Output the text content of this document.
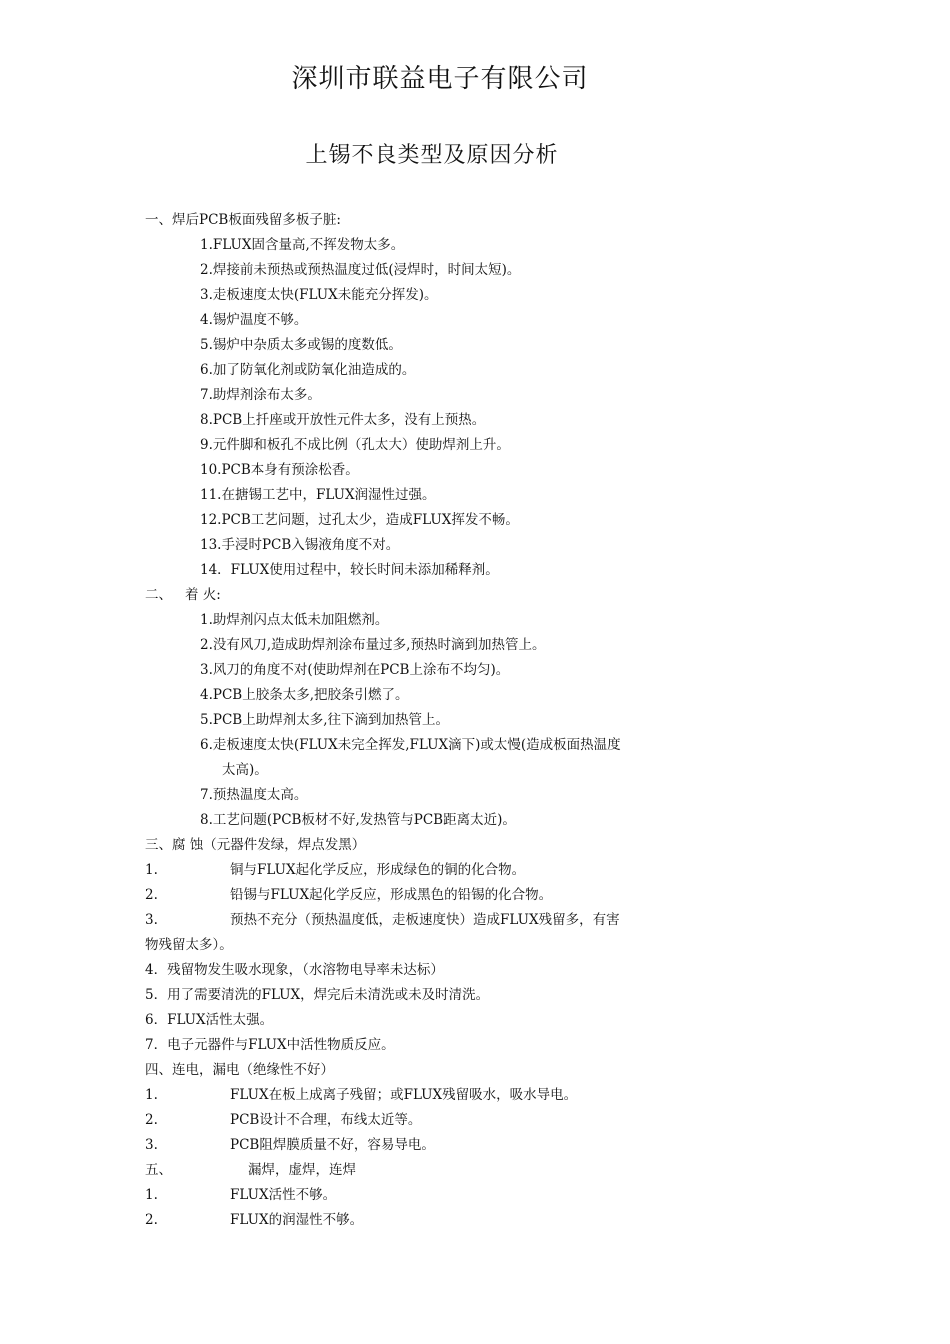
深圳市联益电子有限公司
上锡不良类型及原因分析
一、焊后PCB板面残留多板子脏:
1.FLUX固含量高,不挥发物太多。
2.焊接前未预热或预热温度过低(浸焊时，时间太短)。
3.走板速度太快(FLUX未能充分挥发)。
4.锡炉温度不够。
5.锡炉中杂质太多或锡的度数低。
6.加了防氧化剂或防氧化油造成的。
7.助焊剂涂布太多。
8.PCB上扦座或开放性元件太多，没有上预热。
9.元件脚和板孔不成比例（孔太大）使助焊剂上升。
10.PCB本身有预涂松香。
11.在搪锡工艺中，FLUX润湿性过强。
12.PCB工艺问题，过孔太少，造成FLUX挥发不畅。
13.手浸时PCB入锡液角度不对。
14．FLUX使用过程中，较长时间未添加稀释剂。
二、 着 火:
1.助焊剂闪点太低未加阻燃剂。
2.没有风刀,造成助焊剂涂布量过多,预热时滴到加热管上。
3.风刀的角度不对(使助焊剂在PCB上涂布不均匀)。
4.PCB上胶条太多,把胶条引燃了。
5.PCB上助焊剂太多,往下滴到加热管上。
6.走板速度太快(FLUX未完全挥发,FLUX滴下)或太慢(造成板面热温度
太高)。
7.预热温度太高。
8.工艺问题(PCB板材不好,发热管与PCB距离太近)。
三、腐 蚀（元器件发绿，焊点发黑）
1.	铜与FLUX起化学反应，形成绿色的铜的化合物。
2.	铅锡与FLUX起化学反应，形成黑色的铅锡的化合物。
3.	预热不充分（预热温度低，走板速度快）造成FLUX残留多，有害
物残留太多）。
4．残留物发生吸水现象，（水溶物电导率未达标）
5．用了需要清洗的FLUX，焊完后未清洗或未及时清洗。
6．FLUX活性太强。
7．电子元器件与FLUX中活性物质反应。
四、连电，漏电（绝缘性不好）
1.	FLUX在板上成离子残留；或FLUX残留吸水，吸水导电。
2.	PCB设计不合理，布线太近等。
3.	PCB阻焊膜质量不好，容易导电。
五、	漏焊，虚焊，连焊
1.	FLUX活性不够。
2.	FLUX的润湿性不够。
